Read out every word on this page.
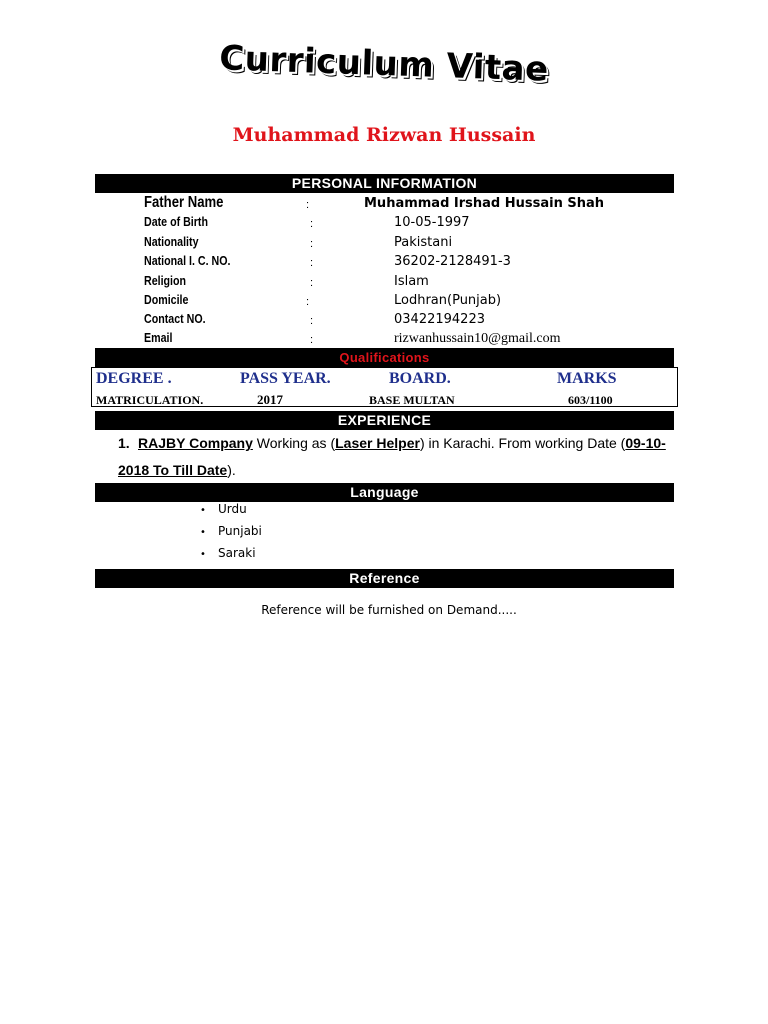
Curriculum Vitae
Muhammad Rizwan Hussain
PERSONAL INFORMATION
Father Name	:	Muhammad Irshad Hussain Shah
Date of Birth	:	10-05-1997
Nationality	:	Pakistani
National I. C. NO.	:	36202-2128491-3
Religion	:	Islam
Domicile	:	Lodhran(Punjab)
Contact NO.	:	03422194223
Email	:	rizwanhussain10@gmail.com
Qualifications
DEGREE .	PASS YEAR.	BOARD.	MARKS
MATRICULATION.	2017	BASE MULTAN	603/1100
EXPERIENCE
1. RAJBY Company Working as (Laser Helper) in Karachi. From working Date (09-10-2018 To Till Date).
Language
• Urdu
• Punjabi
• Saraki
Reference
Reference will be furnished on Demand.....
